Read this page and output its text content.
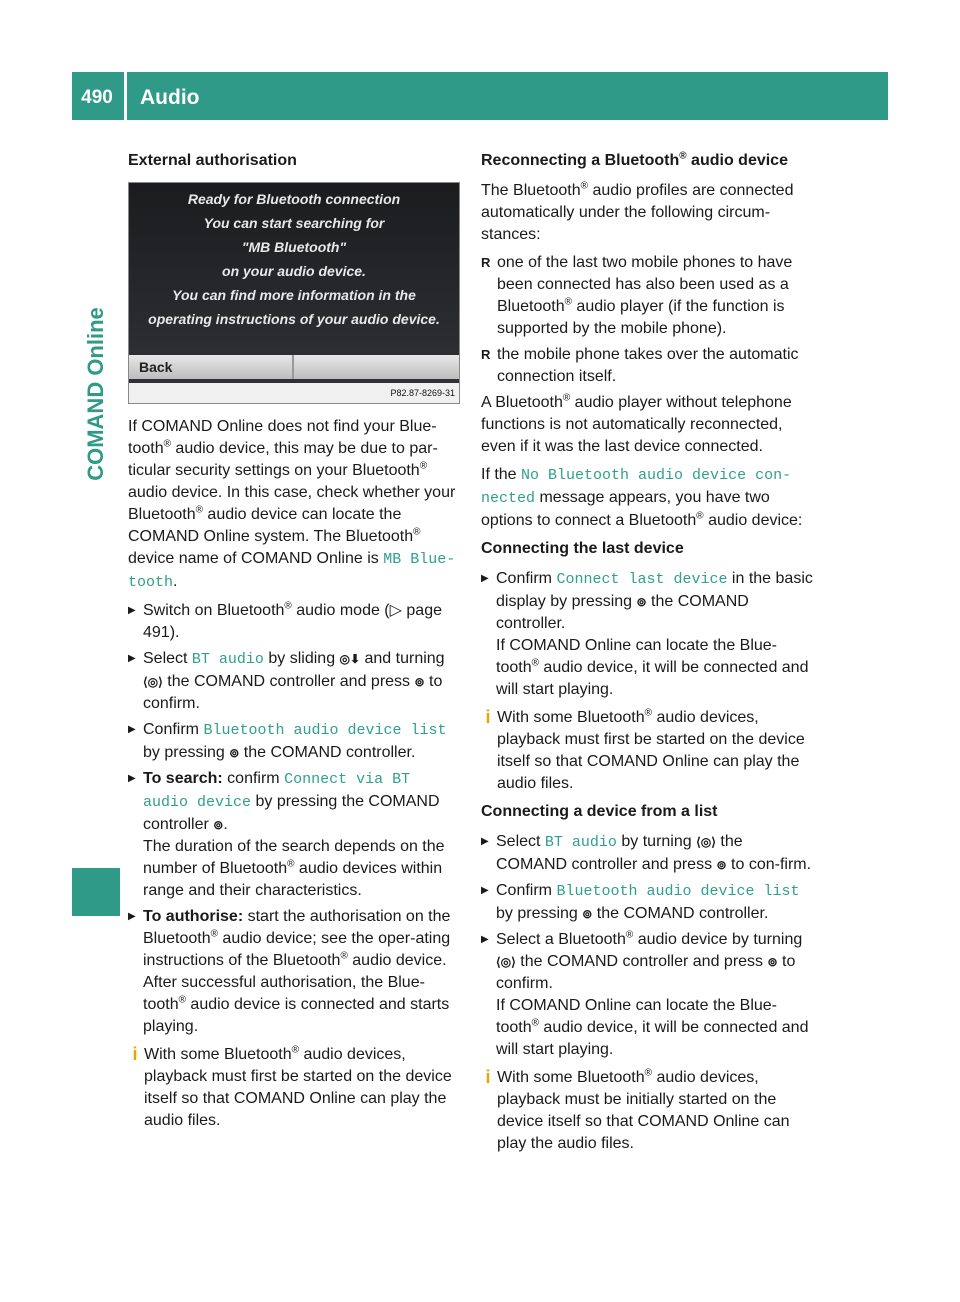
490	Audio
COMAND Online
External authorisation
Ready for Bluetooth connection
You can start searching for
"MB Bluetooth"
on your audio device.
You can find more information in the
operating instructions of your audio device.
Back
P82.87-8269-31

If COMAND Online does not find your Blue-tooth® audio device, this may be due to par-ticular security settings on your Bluetooth® audio device. In this case, check whether your Bluetooth® audio device can locate the COMAND Online system. The Bluetooth® device name of COMAND Online is MB Blue-tooth.

▶ Switch on Bluetooth® audio mode (▷ page 491).
▶ Select BT audio by sliding ◎⬇ and turning ⟨◎⟩ the COMAND controller and press ⊚ to confirm.
▶ Confirm Bluetooth audio device list by pressing ⊚ the COMAND controller.
▶ To search: confirm Connect via BT audio device by pressing the COMAND controller ⊚.
The duration of the search depends on the number of Bluetooth® audio devices within range and their characteristics.
▶ To authorise: start the authorisation on the Bluetooth® audio device; see the oper-ating instructions of the Bluetooth® audio device.
After successful authorisation, the Blue-tooth® audio device is connected and starts playing.
i With some Bluetooth® audio devices, playback must first be started on the device itself so that COMAND Online can play the audio files.
Reconnecting a Bluetooth® audio device

The Bluetooth® audio profiles are connected automatically under the following circum-stances:

R one of the last two mobile phones to have been connected has also been used as a Bluetooth® audio player (if the function is supported by the mobile phone).
R the mobile phone takes over the automatic connection itself.

A Bluetooth® audio player without telephone functions is not automatically reconnected, even if it was the last device connected.

If the No Bluetooth audio device con-nected message appears, you have two options to connect a Bluetooth® audio device:

Connecting the last device
▶ Confirm Connect last device in the basic display by pressing ⊚ the COMAND controller.
If COMAND Online can locate the Blue-tooth® audio device, it will be connected and will start playing.
i With some Bluetooth® audio devices, playback must first be started on the device itself so that COMAND Online can play the audio files.
Connecting a device from a list
▶ Select BT audio by turning ⟨◎⟩ the COMAND controller and press ⊚ to con-firm.
▶ Confirm Bluetooth audio device list by pressing ⊚ the COMAND controller.
▶ Select a Bluetooth® audio device by turning ⟨◎⟩ the COMAND controller and press ⊚ to confirm.
If COMAND Online can locate the Blue-tooth® audio device, it will be connected and will start playing.
i With some Bluetooth® audio devices, playback must be initially started on the device itself so that COMAND Online can play the audio files.
